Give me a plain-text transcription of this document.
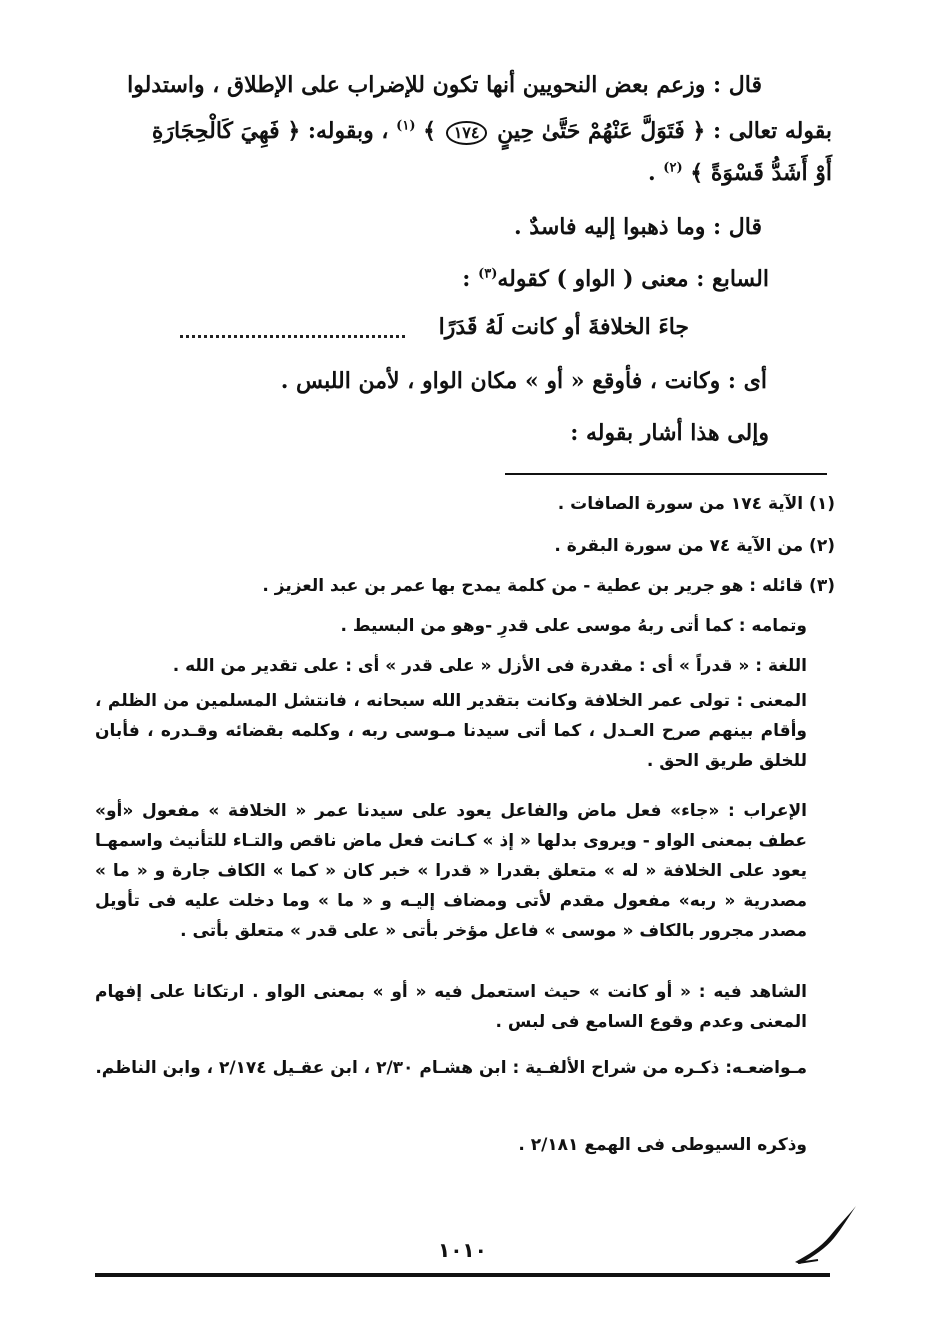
قال : وزعم بعض النحويين أنها تكون للإضراب على الإطلاق ، واستدلوا
بقوله تعالى : ﴿ فَتَوَلَّ عَنْهُمْ حَتَّىٰ حِينٍ ١٧٤ ﴾ $^{(١)}$ ، وبقوله: ﴿ فَهِيَ كَالْحِجَارَةِ
أَوْ أَشَدُّ قَسْوَةً ﴾ $^{(٢)}$ .
قال : وما ذهبوا إليه فاسدٌ .
السابع : معنى ( الواو ) كقوله$^{(٣)}$ :
جاءَ الخلافةَ أو كانت لَهُ قَدَرًا
أى : وكانت ، فأوقع « أو » مكان الواو ، لأمن اللبس .
وإلى هذا أشار بقوله :
(١) الآية ١٧٤ من سورة الصافات .
(٢) من الآية ٧٤ من سورة البقرة .
(٣) قائله : هو جرير بن عطية - من كلمة يمدح بها عمر بن عبد العزيز .
وتمامه : كما أتى ربهُ موسى على قدرِ -وهو من البسيط .
اللغة : « قدراً » أى : مقدرة فى الأزل « على قدر » أى : على تقدير من الله .
المعنى : تولى عمر الخلافة وكانت بتقدير الله سبحانه ، فانتشل المسلمين من الظلم ، وأقام بينهم صرح العـدل ، كما أتى سيدنا مـوسى ربه ، وكلمه بقضائه وقـدره ، فأبان للخلق طريق الحق .
الإعراب : «جاء» فعل ماض والفاعل يعود على سيدنا عمر « الخلافة » مفعول «أو» عطف بمعنى الواو - ويروى بدلها « إذ » كـانت فعل ماض ناقص والتـاء للتأنيث واسمهـا يعود على الخلافة « له » متعلق بقدرا « قدرا » خبر كان « كما » الكاف جارة و « ما » مصدرية « ربه» مفعول مقدم لأتى ومضاف إليـه و « ما » وما دخلت عليه فى تأويل مصدر مجرور بالكاف « موسى » فاعل مؤخر بأتى « على قدر » متعلق بأتى .
الشاهد فيه : « أو كانت » حيث استعمل فيه « أو » بمعنى الواو . ارتكانا على إفهام المعنى وعدم وقوع السامع فى لبس .
مـواضعـه: ذكـره من شراح الألفـية : ابن هشـام ٢/٣٠ ، ابن عقـيل ٢/١٧٤ ، وابن الناظم.
وذكره السيوطى فى الهمع ٢/١٨١ .
١٠١٠
